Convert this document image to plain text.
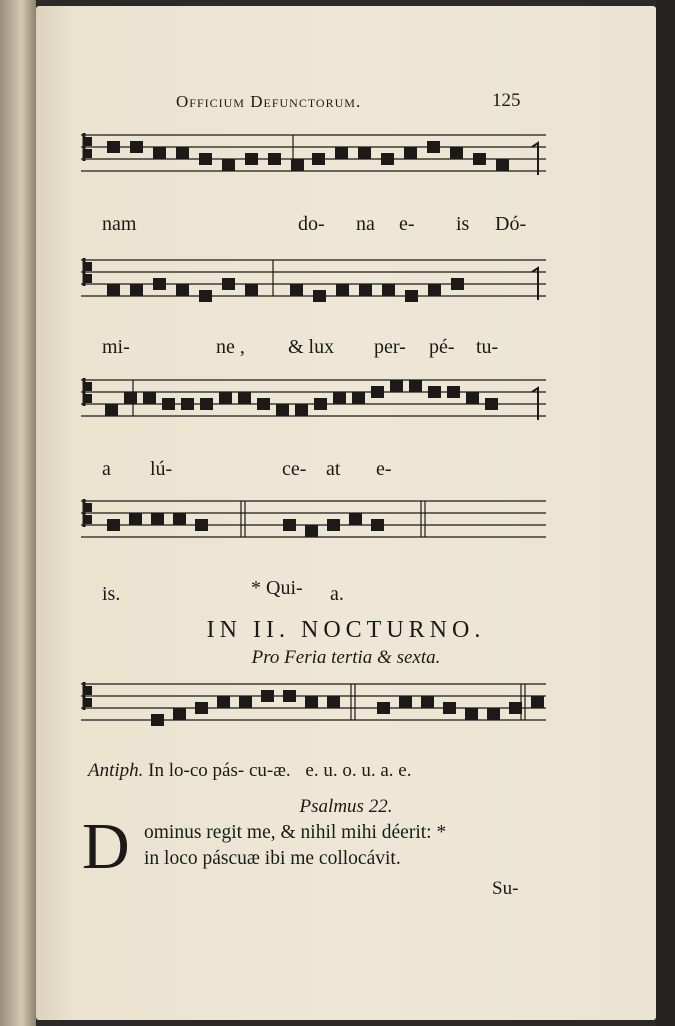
Officium Defunctorum.	125
nam	do- na e- is Dó-
mi-	ne , & lux per- pé- tu-
a lú-	ce- at e-
is.	* Qui- a.
IN II. NOCTURNO.
Pro Feria tertia & sexta.
Antiph. In lo-co pás- cu-æ. e. u. o. u. a. e.
Psalmus 22.
D ominus regit me, & nihil mihi déerit: *
in loco páscuæ ibi me collocávit.
Su-
